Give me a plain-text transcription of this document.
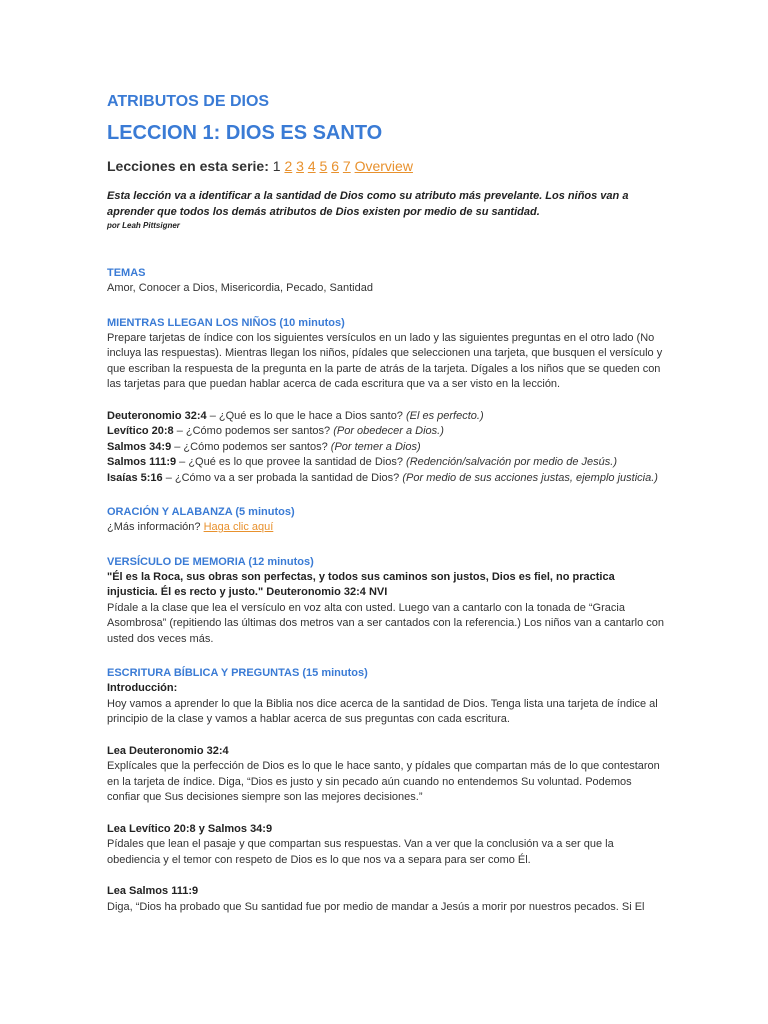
ATRIBUTOS DE DIOS
LECCION 1: DIOS ES SANTO
Lecciones en esta serie: 1 2 3 4 5 6 7 Overview
Esta lección va a identificar a la santidad de Dios como su atributo más prevelante. Los niños van a aprender que todos los demás atributos de Dios existen por medio de su santidad.
por Leah Pittsigner
TEMAS

Amor, Conocer a Dios, Misericordia, Pecado, Santidad

MIENTRAS LLEGAN LOS NIÑOS (10 minutos)

Prepare tarjetas de índice con los siguientes versículos en un lado y las siguientes preguntas en el otro lado (No incluya las respuestas). Mientras llegan los niños, pídales que seleccionen una tarjeta, que busquen el versículo y que escriban la respuesta de la pregunta en la parte de atrás de la tarjeta. Dígales a los niños que se queden con las tarjetas para que puedan hablar acerca de cada escritura que va a ser visto en la lección.

Deuteronomio 32:4 – ¿Qué es lo que le hace a Dios santo? (El es perfecto.)

Levítico 20:8 – ¿Cómo podemos ser santos? (Por obedecer a Dios.)

Salmos 34:9 – ¿Cómo podemos ser santos? (Por temer a Dios)

Salmos 111:9 – ¿Qué es lo que provee la santidad de Dios? (Redención/salvación por medio de Jesús.)

Isaías 5:16 – ¿Cómo va a ser probada la santidad de Dios? (Por medio de sus acciones justas, ejemplo justicia.)

ORACIÓN Y ALABANZA (5 minutos)

¿Más información? Haga clic aquí

VERSÍCULO DE MEMORIA (12 minutos)

"Él es la Roca, sus obras son perfectas, y todos sus caminos son justos, Dios es fiel, no practica injusticia. Él es recto y justo." Deuteronomio 32:4 NVI

Pídale a la clase que lea el versículo en voz alta con usted. Luego van a cantarlo con la tonada de “Gracia Asombrosa” (repitiendo las últimas dos metros van a ser cantados con la referencia.) Los niños van a cantarlo con usted dos veces más.

ESCRITURA BÍBLICA Y PREGUNTAS (15 minutos)

Introducción:

Hoy vamos a aprender lo que la Biblia nos dice acerca de la santidad de Dios. Tenga lista una tarjeta de índice al principio de la clase y vamos a hablar acerca de sus preguntas con cada escritura.

Lea Deuteronomio 32:4

Explícales que la perfección de Dios es lo que le hace santo, y pídales que compartan más de lo que contestaron en la tarjeta de índice. Diga, “Dios es justo y sin pecado aún cuando no entendemos Su voluntad. Podemos confiar que Sus decisiones siempre son las mejores decisiones.”

Lea Levítico 20:8 y Salmos 34:9

Pídales que lean el pasaje y que compartan sus respuestas. Van a ver que la conclusión va a ser que la obediencia y el temor con respeto de Dios es lo que nos va a separa para ser como Él.

Lea Salmos 111:9

Diga, “Dios ha probado que Su santidad fue por medio de mandar a Jesús a morir por nuestros pecados. Si El
